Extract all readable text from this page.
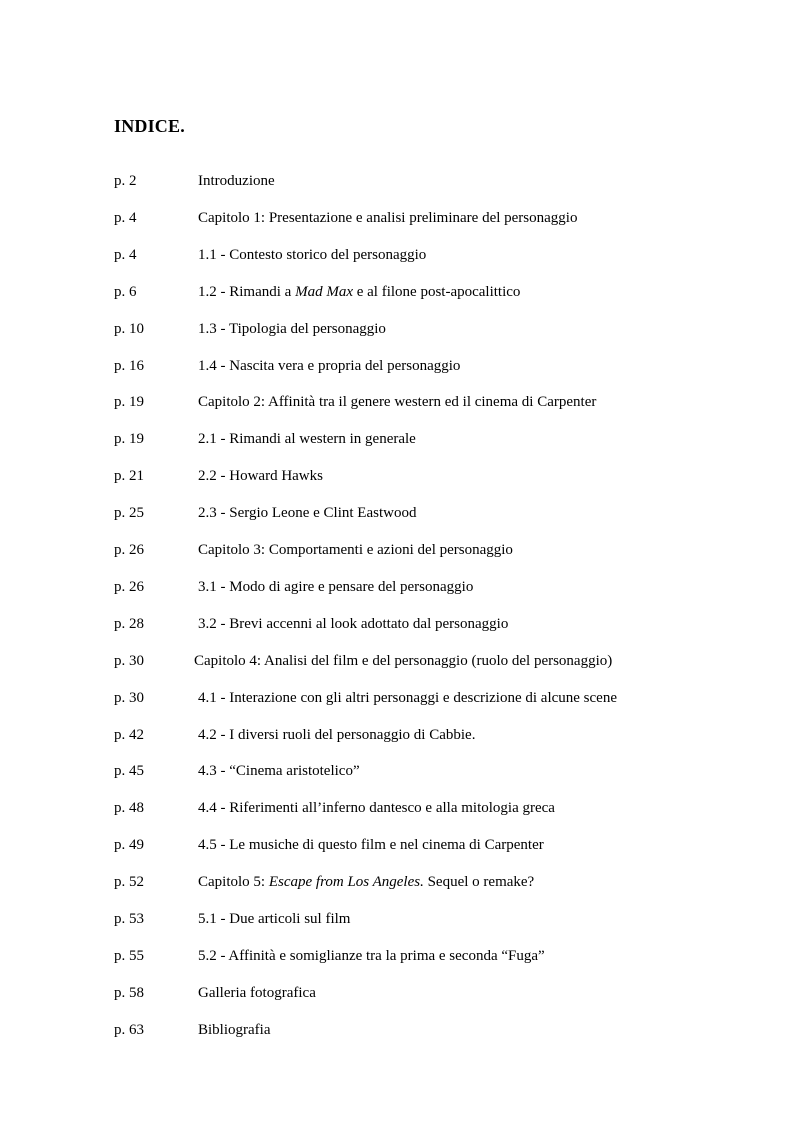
INDICE.
p. 2	Introduzione
p. 4	Capitolo 1: Presentazione e analisi preliminare del personaggio
p. 4	1.1 - Contesto storico del personaggio
p. 6	1.2 - Rimandi a Mad Max e al filone post-apocalittico
p. 10	1.3 - Tipologia del personaggio
p. 16	1.4 - Nascita vera e propria del personaggio
p. 19	Capitolo 2: Affinità tra il genere western ed il cinema di Carpenter
p. 19	2.1 - Rimandi al western in generale
p. 21	2.2 - Howard Hawks
p. 25	2.3 - Sergio Leone e Clint Eastwood
p. 26	Capitolo 3: Comportamenti e azioni del personaggio
p. 26	3.1 - Modo di agire e pensare del personaggio
p. 28	3.2 - Brevi accenni al look adottato dal personaggio
p. 30	Capitolo 4: Analisi del film e del personaggio (ruolo del personaggio)
p. 30	4.1 - Interazione con gli altri personaggi e descrizione di alcune scene
p. 42	4.2 - I diversi ruoli del personaggio di Cabbie.
p. 45	4.3 - “Cinema aristotelico”
p. 48	4.4 - Riferimenti all’inferno dantesco e alla mitologia greca
p. 49	4.5 - Le musiche di questo film e nel cinema di Carpenter
p. 52	Capitolo 5: Escape from Los Angeles. Sequel o remake?
p. 53	5.1 - Due articoli sul film
p. 55	5.2 - Affinità e somiglianze tra la prima e seconda “Fuga”
p. 58	Galleria fotografica
p. 63	Bibliografia
